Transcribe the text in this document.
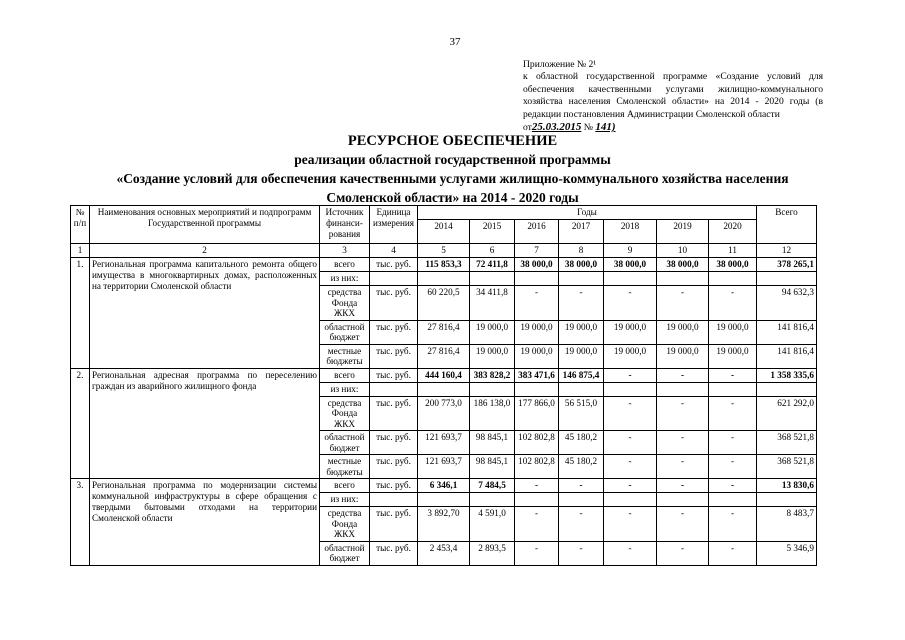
37
Приложение № 2¹
к областной государственной программе «Создание условий для обеспечения качественными услугами жилищно-коммунального хозяйства населения Смоленской области» на 2014 - 2020 годы (в редакции постановления Администрации Смоленской области
от25.03.2015 № 141)
РЕСУРСНОЕ ОБЕСПЕЧЕНИЕ
реализации областной государственной программы
«Создание условий для обеспечения качественными услугами жилищно-коммунального хозяйства населения
Смоленской области» на 2014 - 2020 годы
№ п/п	Наименования основных мероприятий и подпрограмм Государственной программы	Источник финанси-рования	Единица измерения	Годы							Всего
				2014	2015	2016	2017	2018	2019	2020	
1	2	3	4	5	6	7	8	9	10	11	12
1.	Региональная программа капитального ремонта общего имущества в многоквартирных домах, расположенных на территории Смоленской области	всего	тыс. руб.	115 853,3	72 411,8	38 000,0	38 000,0	38 000,0	38 000,0	38 000,0	378 265,1
		из них:									
		средства Фонда ЖКХ	тыс. руб.	60 220,5	34 411,8	-	-	-	-	-	94 632,3
		областной бюджет	тыс. руб.	27 816,4	19 000,0	19 000,0	19 000,0	19 000,0	19 000,0	19 000,0	141 816,4
		местные бюджеты	тыс. руб.	27 816,4	19 000,0	19 000,0	19 000,0	19 000,0	19 000,0	19 000,0	141 816,4
2.	Региональная адресная программа по переселению граждан из аварийного жилищного фонда	всего	тыс. руб.	444 160,4	383 828,2	383 471,6	146 875,4	-	-	-	1 358 335,6
		из них:									
		средства Фонда ЖКХ	тыс. руб.	200 773,0	186 138,0	177 866,0	56 515,0	-	-	-	621 292,0
		областной бюджет	тыс. руб.	121 693,7	98 845,1	102 802,8	45 180,2	-	-	-	368 521,8
		местные бюджеты	тыс. руб.	121 693,7	98 845,1	102 802,8	45 180,2	-	-	-	368 521,8
3.	Региональная программа по модернизации системы коммунальной инфраструктуры в сфере обращения с твердыми бытовыми отходами на территории Смоленской области	всего	тыс. руб.	6 346,1	7 484,5	-	-	-	-	-	13 830,6
		из них:									
		средства Фонда ЖКХ	тыс. руб.	3 892,70	4 591,0	-	-	-	-	-	8 483,7
		областной бюджет	тыс. руб.	2 453,4	2 893,5	-	-	-	-	-	5 346,9
